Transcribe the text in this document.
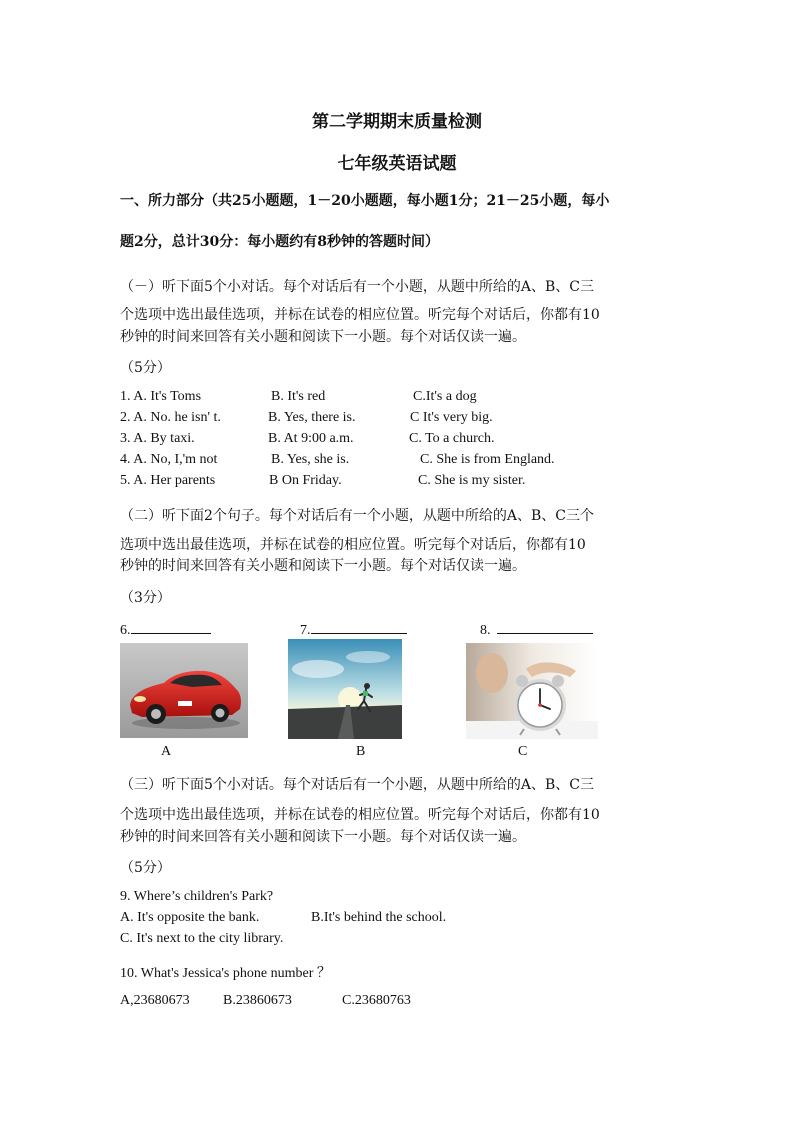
第二学期期末质量检测
七年级英语试题
一、所力部分（共25小题题，1－20小题题，每小题1分；21－25小题，每小
题2分，总计30分：每小题约有8秒钟的答题时间）
（－）听下面5个小对话。每个对话后有一个小题，从题中所给的A、B、C三
个选项中选出最佳选项，并标在试卷的相应位置。听完每个对话后，你都有10
秒钟的时间来回答有关小题和阅读下一小题。每个对话仅读一遍。
（5分）
1. A. It's Toms	B. It's red	C.It's a dog
2. A. No. he isn' t.	B. Yes, there is.	C It's very big.
3. A. By taxi.	B. At 9:00 a.m.	C. To a church.
4. A. No, I,'m not	B. Yes, she is.	C. She is from England.
5. A. Her parents	B On Friday.	C. She is my sister.
（二）听下面2个句子。每个对话后有一个小题，从题中所给的A、B、C三个
选项中选出最佳选项，并标在试卷的相应位置。听完每个对话后，你都有10
秒钟的时间来回答有关小题和阅读下一小题。每个对话仅读一遍。
（3分）
6.	7.	8.
A	B	C
（三）听下面5个小对话。每个对话后有一个小题，从题中所给的A、B、C三
个选项中选出最佳选项，并标在试卷的相应位置。听完每个对话后，你都有10
秒钟的时间来回答有关小题和阅读下一小题。每个对话仅读一遍。
（5分）
9. Where’s children's Park?
A. It's opposite the bank.	B.It's behind the school.
C. It's next to the city library.
10. What's Jessica's phone number ？
A,23680673 B.23860673	C.23680763
